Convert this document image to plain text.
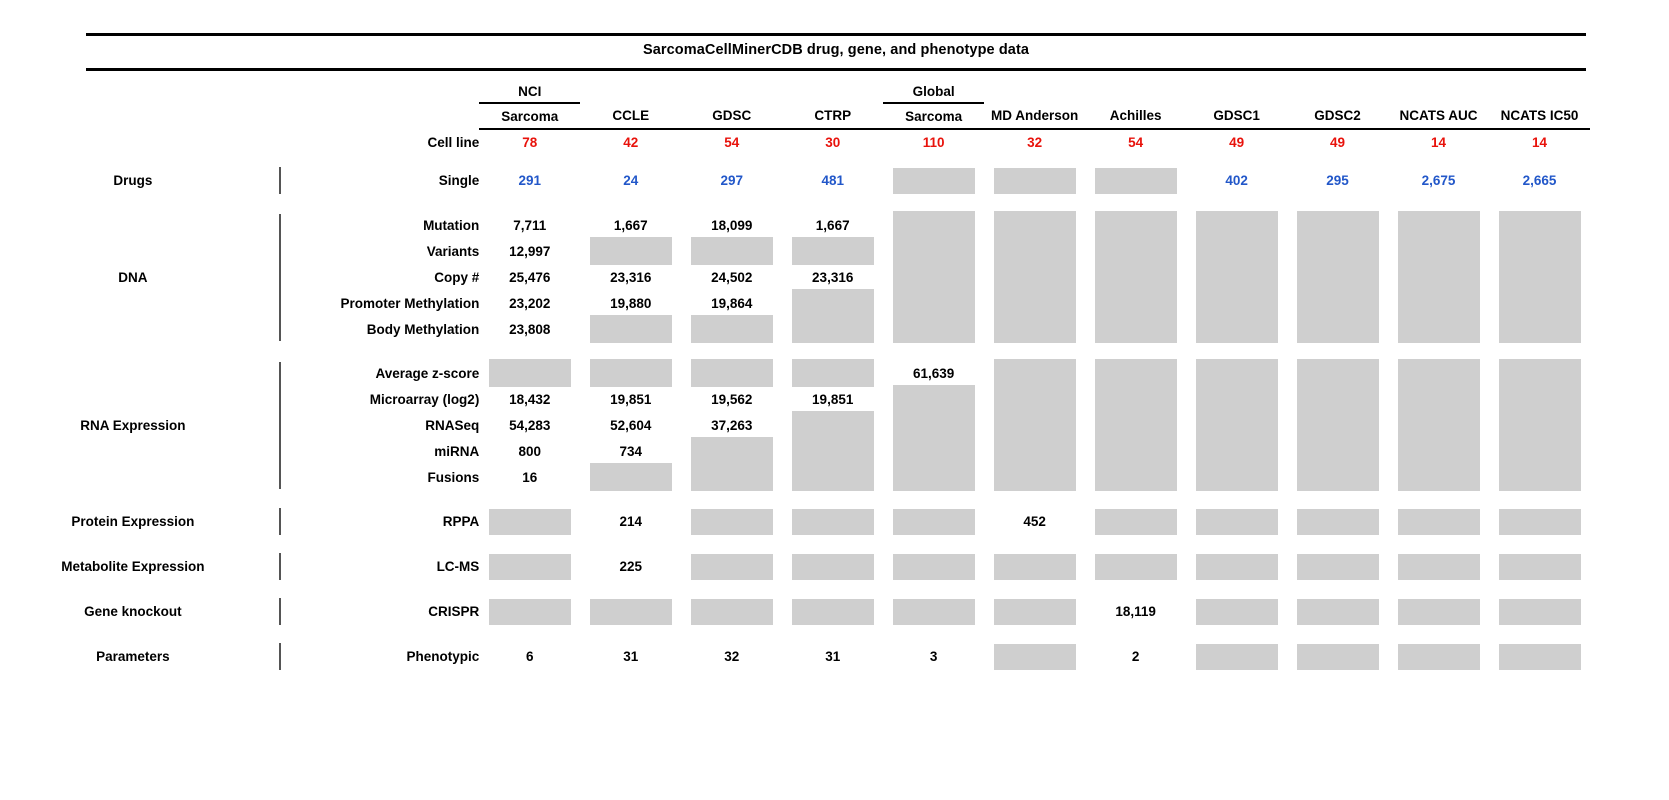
SarcomaCellMinerCDB drug, gene, and phenotype data
			NCI				Global						
			Sarcoma	CCLE	GDSC	CTRP	Sarcoma	MD Anderson	Achilles	GDSC1	GDSC2	NCATS AUC	NCATS IC50
		Cell line	78	42	54	30	110	32	54	49	49	14	14

Drugs		Single	291	24	297	481				402	295	2,675	2,665

DNA		Mutation	7,711	1,667	18,099	1,667	

		Variants	12,997	

		Copy #	25,476	23,316	24,502	23,316	

		Promoter Methylation	23,202	19,880	19,864	

		Body Methylation	23,808	

RNA Expression		Average z-score					61,639	

		Microarray (log2)	18,432	19,851	19,562	19,851	

		RNASeq	54,283	52,604	37,263	

		miRNA	800	734	

		Fusions	16	

Protein Expression		RPPA		214				452	

Metabolite Expression		LC-MS		225	

Gene knockout		CRISPR							18,119	

Parameters		Phenotypic	6	31	32	31	3		2	
